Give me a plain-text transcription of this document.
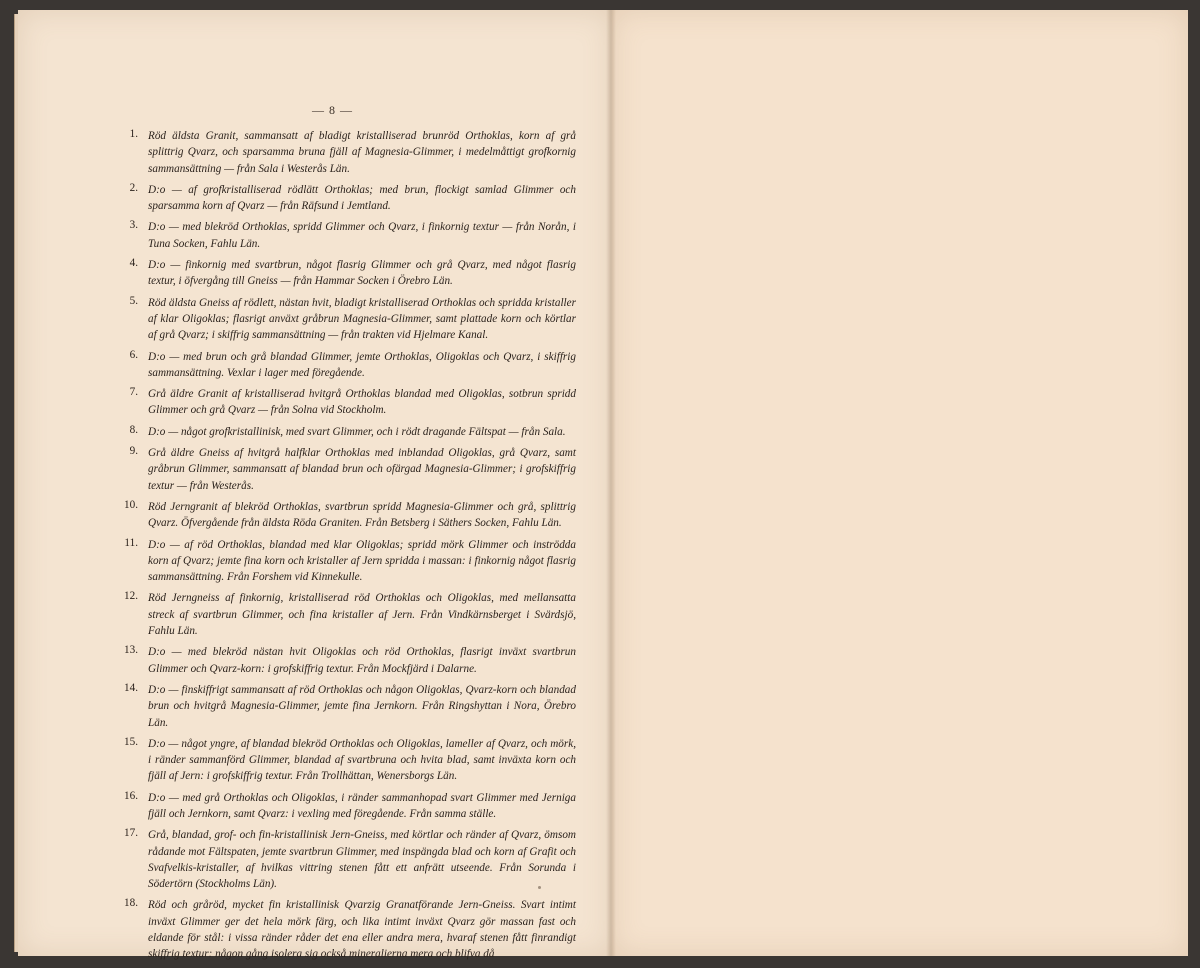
— 8 —
1. Röd äldsta Granit, sammansatt af bladigt kristalliserad brunröd Orthoklas, korn af grå splittrig Qvarz, och sparsamma bruna fjäll af Magnesia-Glimmer, i medelmåttigt grofkornig sammansättning — från Sala i Westerås Län.
2. D:o — af grofkristalliserad rödlätt Orthoklas; med brun, flockigt samlad Glimmer och sparsamma korn af Qvarz — från Räfsund i Jemtland.
3. D:o — med blekröd Orthoklas, spridd Glimmer och Qvarz, i finkornig textur — från Norån, i Tuna Socken, Fahlu Län.
4. D:o — finkornig med svartbrun, något flasrig Glimmer och grå Qvarz, med något flasrig textur, i öfvergång till Gneiss — från Hammar Socken i Örebro Län.
5. Röd äldsta Gneiss af rödlett, nästan hvit, bladigt kristalliserad Orthoklas och spridda kristaller af klar Oligoklas; flasrigt anväxt gråbrun Magnesia-Glimmer, samt plattade korn och körtlar af grå Qvarz; i skiffrig sammansättning — från trakten vid Hjelmare Kanal.
6. D:o — med brun och grå blandad Glimmer, jemte Orthoklas, Oligoklas och Qvarz, i skiffrig sammansättning. Vexlar i lager med föregående.
7. Grå äldre Granit af kristalliserad hvitgrå Orthoklas blandad med Oligoklas, sotbrun spridd Glimmer och grå Qvarz — från Solna vid Stockholm.
8. D:o — något grofkristallinisk, med svart Glimmer, och i rödt dragande Fältspat — från Sala.
9. Grå äldre Gneiss af hvitgrå halfklar Orthoklas med inblandad Oligoklas, grå Qvarz, samt gråbrun Glimmer, sammansatt af blandad brun och ofärgad Magnesia-Glimmer; i grofskiffrig textur — från Westerås.
10. Röd Jerngranit af blekröd Orthoklas, svartbrun spridd Magnesia-Glimmer och grå, splittrig Qvarz. Öfvergående från äldsta Röda Graniten. Från Betsberg i Säthers Socken, Fahlu Län.
11. D:o — af röd Orthoklas, blandad med klar Oligoklas; spridd mörk Glimmer och inströdda korn af Qvarz; jemte fina korn och kristaller af Jern spridda i massan: i finkornig något flasrig sammansättning. Från Forshem vid Kinnekulle.
12. Röd Jerngneiss af finkornig, kristalliserad röd Orthoklas och Oligoklas, med mellansatta streck af svartbrun Glimmer, och fina kristaller af Jern. Från Vindkärnsberget i Svärdsjö, Fahlu Län.
13. D:o — med blekröd nästan hvit Oligoklas och röd Orthoklas, flasrigt inväxt svartbrun Glimmer och Qvarz-korn: i grofskiffrig textur. Från Mockfjärd i Dalarne.
14. D:o — finskiffrigt sammansatt af röd Orthoklas och någon Oligoklas, Qvarz-korn och blandad brun och hvitgrå Magnesia-Glimmer, jemte fina Jernkorn. Från Ringshyttan i Nora, Örebro Län.
15. D:o — något yngre, af blandad blekröd Orthoklas och Oligoklas, lameller af Qvarz, och mörk, i ränder sammanförd Glimmer, blandad af svartbruna och hvita blad, samt inväxta korn och fjäll af Jern: i grofskiffrig textur. Från Trollhättan, Wenersborgs Län.
16. D:o — med grå Orthoklas och Oligoklas, i ränder sammanhopad svart Glimmer med Jerniga fjäll och Jernkorn, samt Qvarz: i vexling med föregående. Från samma ställe.
17. Grå, blandad, grof- och fin-kristallinisk Jern-Gneiss, med körtlar och ränder af Qvarz, ömsom rådande mot Fältspaten, jemte svartbrun Glimmer, med inspängda blad och korn af Grafit och Svafvelkis-kristaller, af hvilkas vittring stenen fått ett anfrätt utseende. Från Sorunda i Södertörn (Stockholms Län).
18. Röd och gråröd, mycket fin kristallinisk Qvarzig Granatförande Jern-Gneiss. Svart intimt inväxt Glimmer ger det hela mörk färg, och lika intimt inväxt Qvarz gör massan fast och eldande för stål: i vissa ränder råder det ena eller andra mera, hvaraf stenen fått finrandigt skiffrig textur: någon gång isolera sig också mineralierna mera och blifva då
